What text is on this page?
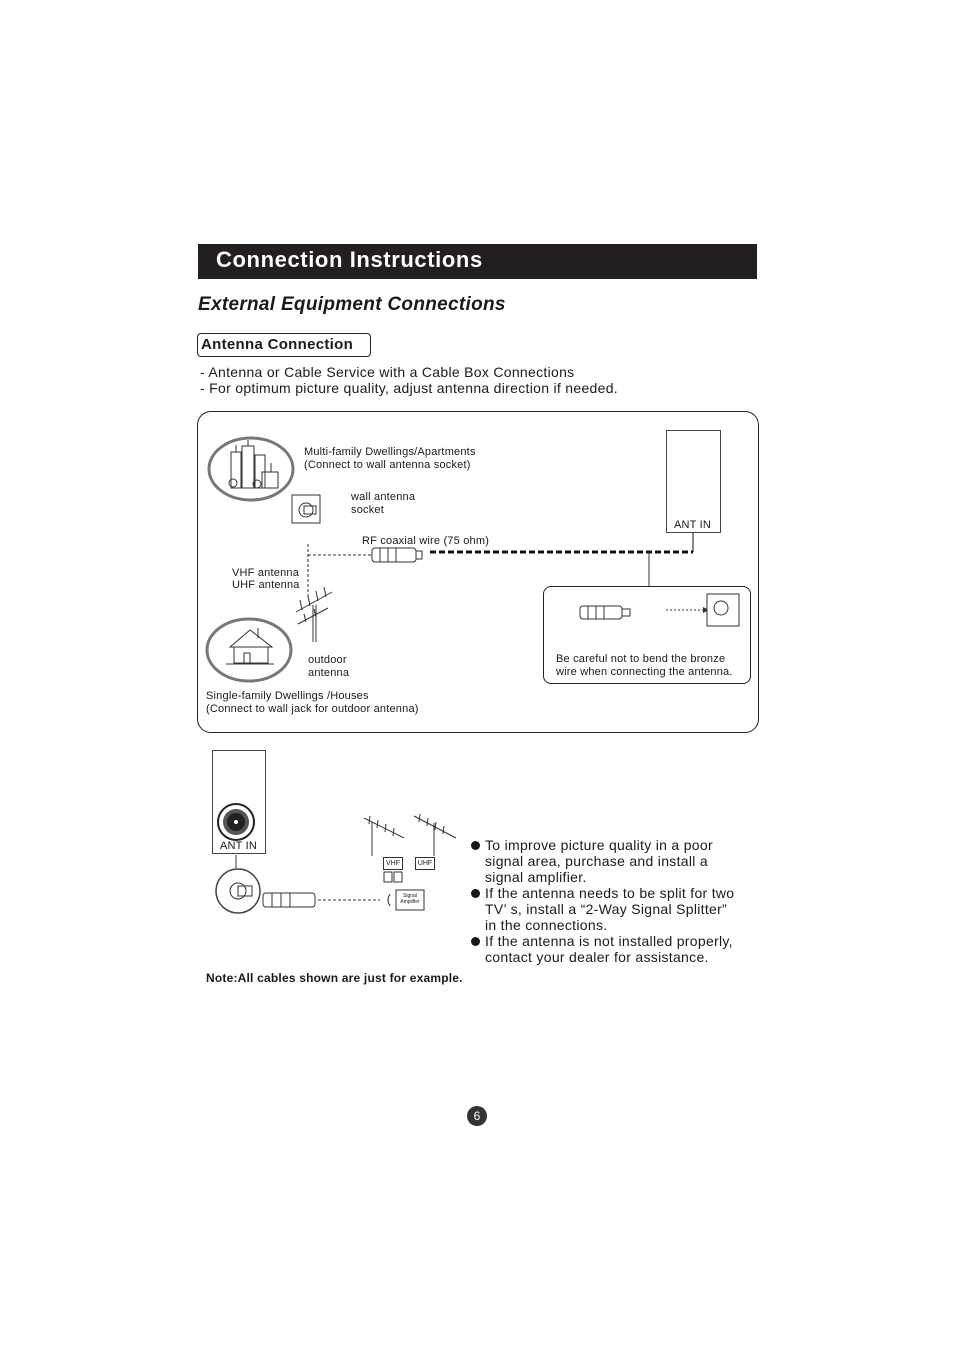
Connection Instructions
External Equipment Connections
Antenna Connection
- Antenna or Cable Service with a Cable Box Connections
- For optimum picture quality, adjust antenna direction if needed.
Multi-family Dwellings/Apartments
(Connect to wall antenna socket)
wall antenna
socket
RF coaxial wire (75 ohm)
VHF antenna
UHF antenna
outdoor
antenna
Single-family Dwellings /Houses
(Connect to wall jack for outdoor antenna)
ANT IN
Be careful not to bend the bronze
wire when connecting the antenna.
ANT IN
VHF	UHF
Signal
Amplifier

To improve picture quality in a poor
signal area, purchase and install a
signal amplifier.

If the antenna needs to be split for two
TV’ s, install a “2-Way Signal Splitter”
in the connections.

If the antenna is not installed properly,
contact your dealer for assistance.

Note:All cables shown are just for example.
6
